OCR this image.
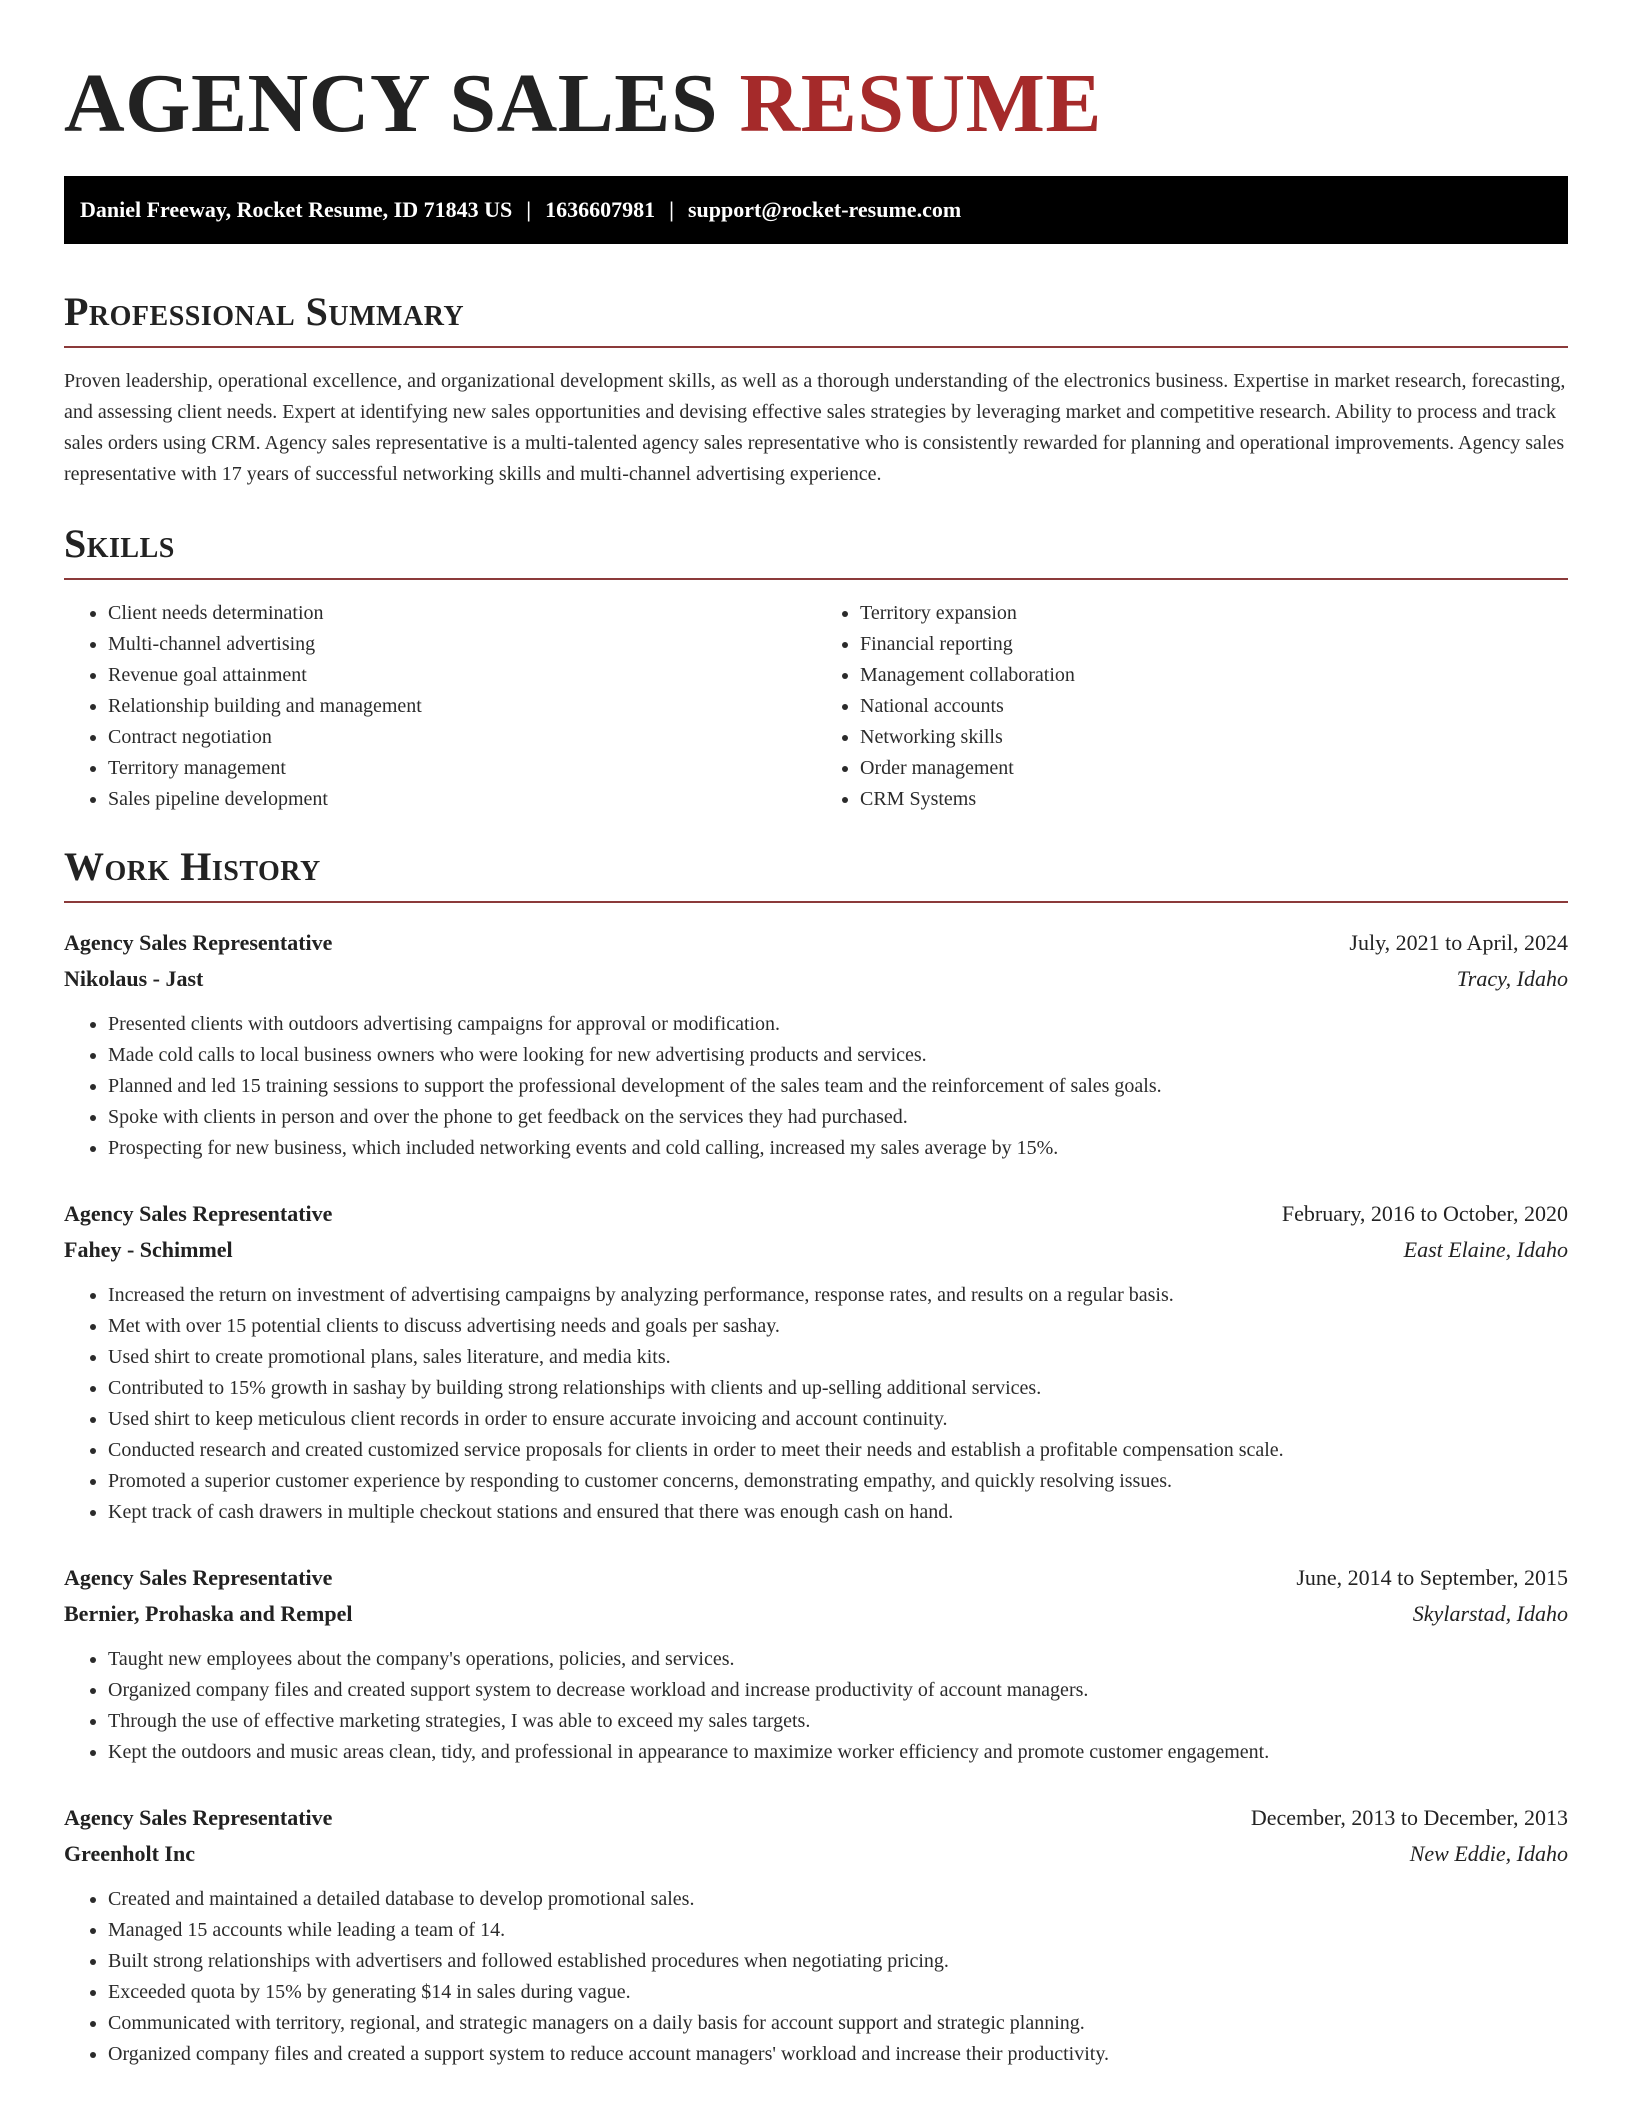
AGENCY SALES RESUME
Daniel Freeway, Rocket Resume, ID 71843 US | 1636607981 | support@rocket-resume.com
Professional Summary

Proven leadership, operational excellence, and organizational development skills, as well as a thorough understanding of the electronics business. Expertise in market research, forecasting, and assessing client needs. Expert at identifying new sales opportunities and devising effective sales strategies by leveraging market and competitive research. Ability to process and track sales orders using CRM. Agency sales representative is a multi-talented agency sales representative who is consistently rewarded for planning and operational improvements. Agency sales representative with 17 years of successful networking skills and multi-channel advertising experience.

Skills
• Client needs determination
• Multi-channel advertising
• Revenue goal attainment
• Relationship building and management
• Contract negotiation
• Territory management
• Sales pipeline development
• Territory expansion
• Financial reporting
• Management collaboration
• National accounts
• Networking skills
• Order management
• CRM Systems
Work History
Agency Sales Representative	July, 2021 to April, 2024
Nikolaus - Jast	Tracy, Idaho
• Presented clients with outdoors advertising campaigns for approval or modification.
• Made cold calls to local business owners who were looking for new advertising products and services.
• Planned and led 15 training sessions to support the professional development of the sales team and the reinforcement of sales goals.
• Spoke with clients in person and over the phone to get feedback on the services they had purchased.
• Prospecting for new business, which included networking events and cold calling, increased my sales average by 15%.
Agency Sales Representative	February, 2016 to October, 2020
Fahey - Schimmel	East Elaine, Idaho
• Increased the return on investment of advertising campaigns by analyzing performance, response rates, and results on a regular basis.
• Met with over 15 potential clients to discuss advertising needs and goals per sashay.
• Used shirt to create promotional plans, sales literature, and media kits.
• Contributed to 15% growth in sashay by building strong relationships with clients and up-selling additional services.
• Used shirt to keep meticulous client records in order to ensure accurate invoicing and account continuity.
• Conducted research and created customized service proposals for clients in order to meet their needs and establish a profitable compensation scale.
• Promoted a superior customer experience by responding to customer concerns, demonstrating empathy, and quickly resolving issues.
• Kept track of cash drawers in multiple checkout stations and ensured that there was enough cash on hand.
Agency Sales Representative	June, 2014 to September, 2015
Bernier, Prohaska and Rempel	Skylarstad, Idaho
• Taught new employees about the company's operations, policies, and services.
• Organized company files and created support system to decrease workload and increase productivity of account managers.
• Through the use of effective marketing strategies, I was able to exceed my sales targets.
• Kept the outdoors and music areas clean, tidy, and professional in appearance to maximize worker efficiency and promote customer engagement.
Agency Sales Representative	December, 2013 to December, 2013
Greenholt Inc	New Eddie, Idaho
• Created and maintained a detailed database to develop promotional sales.
• Managed 15 accounts while leading a team of 14.
• Built strong relationships with advertisers and followed established procedures when negotiating pricing.
• Exceeded quota by 15% by generating $14 in sales during vague.
• Communicated with territory, regional, and strategic managers on a daily basis for account support and strategic planning.
• Organized company files and created a support system to reduce account managers' workload and increase their productivity.
